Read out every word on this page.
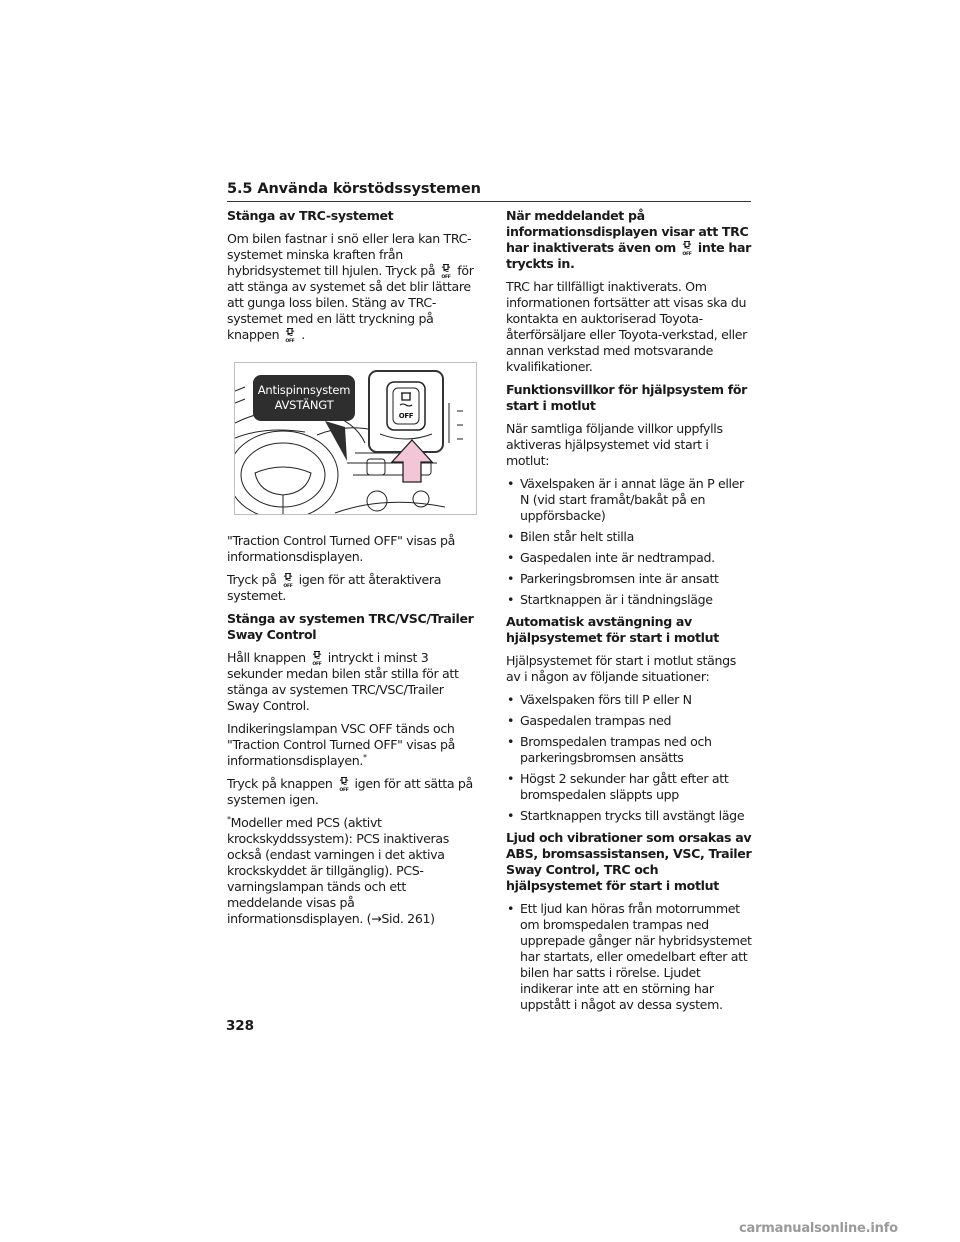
5.5 Använda körstödssystemen
Stänga av TRC-systemet

Om bilen fastnar i snö eller lera kan TRC-systemet minska kraften från hybridsystemet till hjulen. Tryck på för att stänga av systemet så det blir lättare att gunga loss bilen. Stäng av TRC-systemet med en lätt tryckning på knappen .

Antispinnsystem
AVSTÄNGT
OFF

"Traction Control Turned OFF" visas på informationsdisplayen.

Tryck på igen för att återaktivera systemet.

Stänga av systemen TRC/VSC/Trailer Sway Control

Håll knappen intryckt i minst 3 sekunder medan bilen står stilla för att stänga av systemen TRC/VSC/Trailer Sway Control.

Indikeringslampan VSC OFF tänds och "Traction Control Turned OFF" visas på informationsdisplayen.*

Tryck på knappen igen för att sätta på systemen igen.

*Modeller med PCS (aktivt krockskyddssystem): PCS inaktiveras också (endast varningen i det aktiva krockskyddet är tillgänglig). PCS-varningslampan tänds och ett meddelande visas på informationsdisplayen. (→Sid. 261)

När meddelandet på informationsdisplayen visar att TRC har inaktiverats även om inte har tryckts in.

TRC har tillfälligt inaktiverats. Om informationen fortsätter att visas ska du kontakta en auktoriserad Toyota-återförsäljare eller Toyota-verkstad, eller annan verkstad med motsvarande kvalifikationer.

Funktionsvillkor för hjälpsystem för start i motlut

När samtliga följande villkor uppfylls aktiveras hjälpsystemet vid start i motlut:

• Växelspaken är i annat läge än P eller N (vid start framåt/bakåt på en uppförsbacke)
• Bilen står helt stilla
• Gaspedalen inte är nedtrampad.
• Parkeringsbromsen inte är ansatt
• Startknappen är i tändningsläge
Automatisk avstängning av hjälpsystemet för start i motlut

Hjälpsystemet för start i motlut stängs av i någon av följande situationer:

• Växelspaken förs till P eller N
• Gaspedalen trampas ned
• Bromspedalen trampas ned och parkeringsbromsen ansätts
• Högst 2 sekunder har gått efter att bromspedalen släppts upp
• Startknappen trycks till avstängt läge
Ljud och vibrationer som orsakas av ABS, bromsassistansen, VSC, Trailer Sway Control, TRC och hjälpsystemet för start i motlut
• Ett ljud kan höras från motorrummet om bromspedalen trampas ned upprepade gånger när hybridsystemet har startats, eller omedelbart efter att bilen har satts i rörelse. Ljudet indikerar inte att en störning har uppstått i något av dessa system.
328
carmanualsonline.info
